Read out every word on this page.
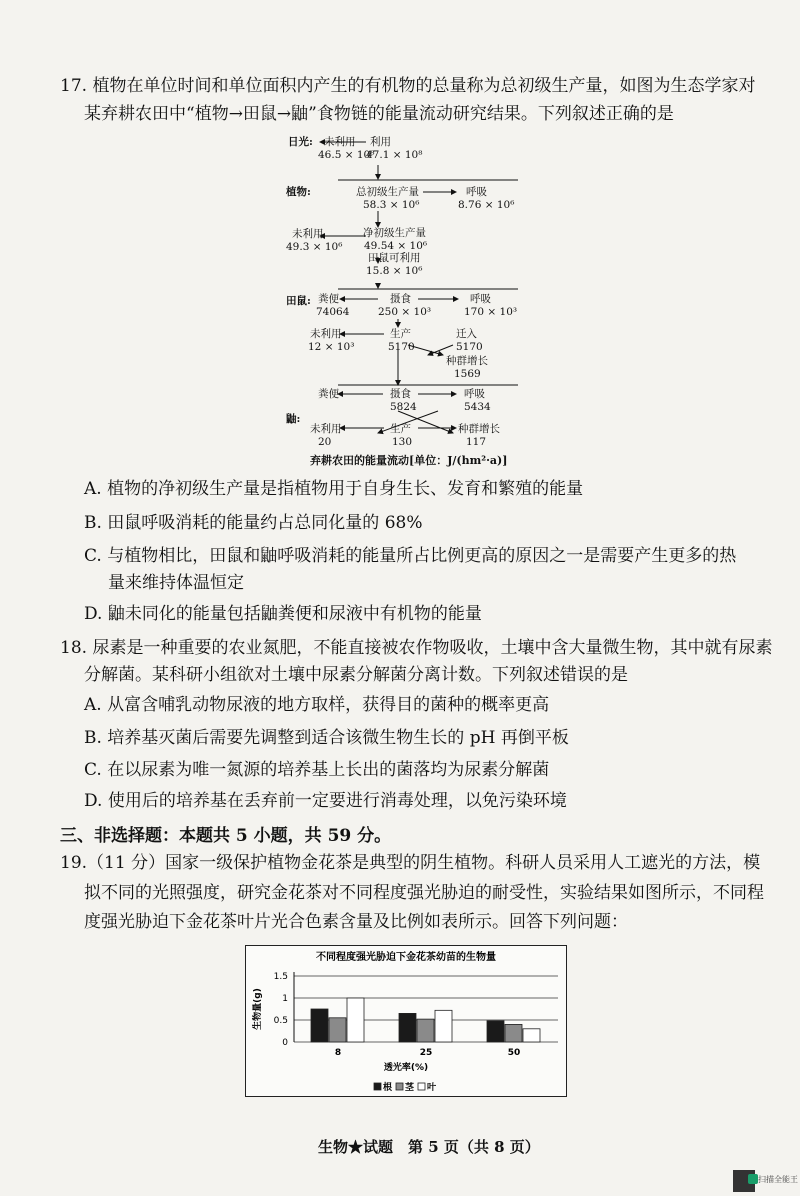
17. 植物在单位时间和单位面积内产生的有机物的总量称为总初级生产量，如图为生态学家对
某弃耕农田中“植物→田鼠→鼬”食物链的能量流动研究结果。下列叙述正确的是
日光: 未利用
46.5 × 10⁸
利用
47.1 × 10⁸
植物:	总初级生产量
58.3 × 10⁶
呼吸
8.76 × 10⁶
未利用
49.3 × 10⁶
净初级生产量
49.54 × 10⁶
田鼠可利用
15.8 × 10⁶
田鼠: 粪便
74064
摄食
250 × 10³
呼吸
170 × 10³
未利用
12 × 10³
生产
5170
迁入
5170
种群增长
1569
鼬:
粪便	摄食
5824
呼吸
5434
未利用
20
生产
130
种群增长
117
弃耕农田的能量流动[单位：J/(hm²·a)]
A. 植物的净初级生产量是指植物用于自身生长、发育和繁殖的能量
B. 田鼠呼吸消耗的能量约占总同化量的 68%
C. 与植物相比，田鼠和鼬呼吸消耗的能量所占比例更高的原因之一是需要产生更多的热
量来维持体温恒定
D. 鼬未同化的能量包括鼬粪便和尿液中有机物的能量
18. 尿素是一种重要的农业氮肥，不能直接被农作物吸收，土壤中含大量微生物，其中就有尿素
分解菌。某科研小组欲对土壤中尿素分解菌分离计数。下列叙述错误的是
A. 从富含哺乳动物尿液的地方取样，获得目的菌种的概率更高
B. 培养基灭菌后需要先调整到适合该微生物生长的 pH 再倒平板
C. 在以尿素为唯一氮源的培养基上长出的菌落均为尿素分解菌
D. 使用后的培养基在丢弃前一定要进行消毒处理，以免污染环境
三、非选择题：本题共 5 小题，共 59 分。
19.（11 分）国家一级保护植物金花茶是典型的阴生植物。科研人员采用人工遮光的方法，模
拟不同的光照强度，研究金花茶对不同程度强光胁迫的耐受性，实验结果如图所示，不同程
度强光胁迫下金花茶叶片光合色素含量及比例如表所示。回答下列问题：
不同程度强光胁迫下金花茶幼苗的生物量
0
0.5
1
1.5
生物量(g)
8	25	50
透光率(%)
根 茎 叶
生物★试题　第 5 页（共 8 页）
扫描全能王
